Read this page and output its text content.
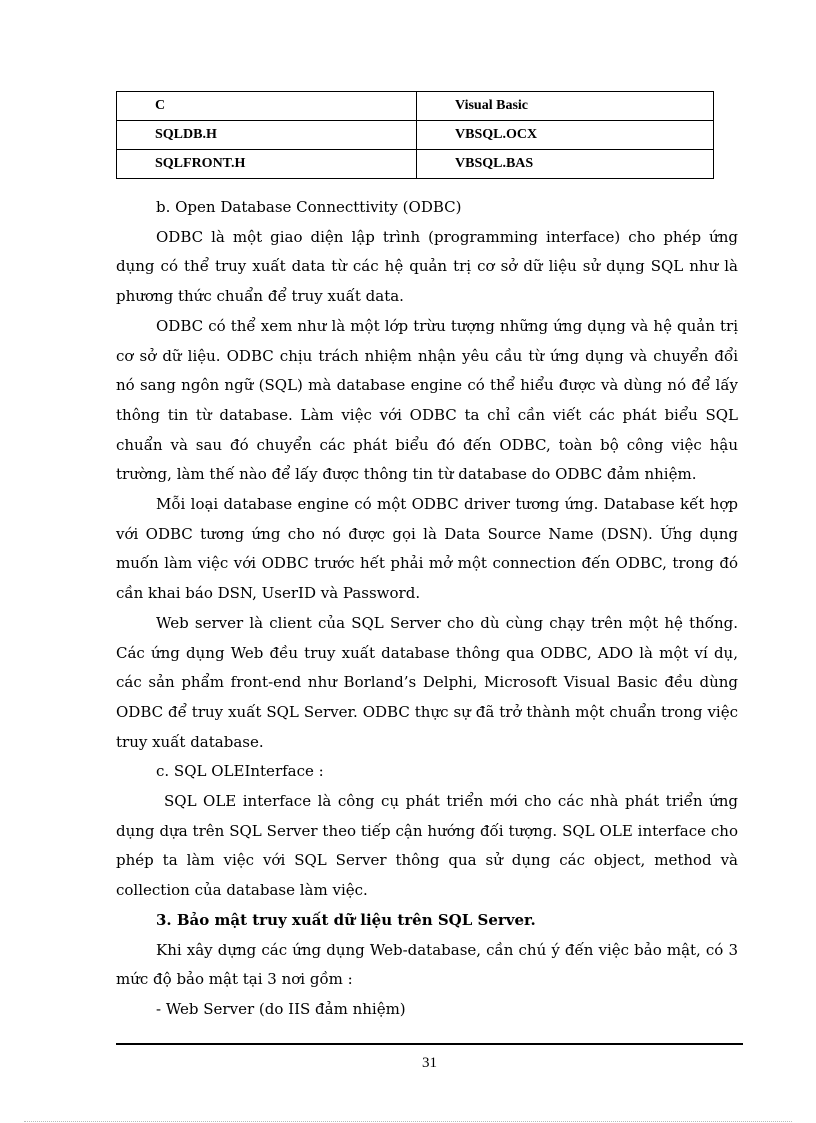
C	Visual Basic
SQLDB.H	VBSQL.OCX
SQLFRONT.H	VBSQL.BAS

b. Open Database Connecttivity (ODBC)

ODBC là một giao diện lập trình (programming interface) cho phép ứng dụng có thể truy xuất data từ các hệ quản trị cơ sở dữ liệu sử dụng SQL như là phương thức chuẩn để truy xuất data.

ODBC có thể xem như là một lớp trừu tượng những ứng dụng và hệ quản trị cơ sở dữ liệu. ODBC chịu trách nhiệm nhận yêu cầu từ ứng dụng và chuyển đổi nó sang ngôn ngữ (SQL) mà database engine có thể hiểu được và dùng nó để lấy thông tin từ database. Làm việc với ODBC ta chỉ cần viết các phát biểu SQL chuẩn và sau đó chuyển các phát biểu đó đến ODBC, toàn bộ công việc hậu trường, làm thế nào để lấy được thông tin từ database do ODBC đảm nhiệm.

Mỗi loại database engine có một ODBC driver tương ứng. Database kết hợp với ODBC tương ứng cho nó được gọi là Data Source Name (DSN). Ứng dụng muốn làm việc với ODBC trước hết phải mở một connection đến ODBC, trong đó cần khai báo DSN, UserID và Password.

Web server là client của SQL Server cho dù cùng chạy trên một hệ thống. Các ứng dụng Web đều truy xuất database thông qua ODBC, ADO là một ví dụ, các sản phẩm front-end như Borland’s Delphi, Microsoft Visual Basic đều dùng ODBC để truy xuất SQL Server. ODBC thực sự đã trở thành một chuẩn trong việc truy xuất database.

c. SQL OLEInterface :

SQL OLE interface là công cụ phát triển mới cho các nhà phát triển ứng dụng dựa trên SQL Server theo tiếp cận hướng đối tượng. SQL OLE interface cho phép ta làm việc với SQL Server thông qua sử dụng các object, method và collection của database làm việc.

3. Bảo mật truy xuất dữ liệu trên SQL Server.

Khi xây dựng các ứng dụng Web-database, cần chú ý đến việc bảo mật, có 3 mức độ bảo mật tại 3 nơi gồm :

- Web Server (do IIS đảm nhiệm)

31
